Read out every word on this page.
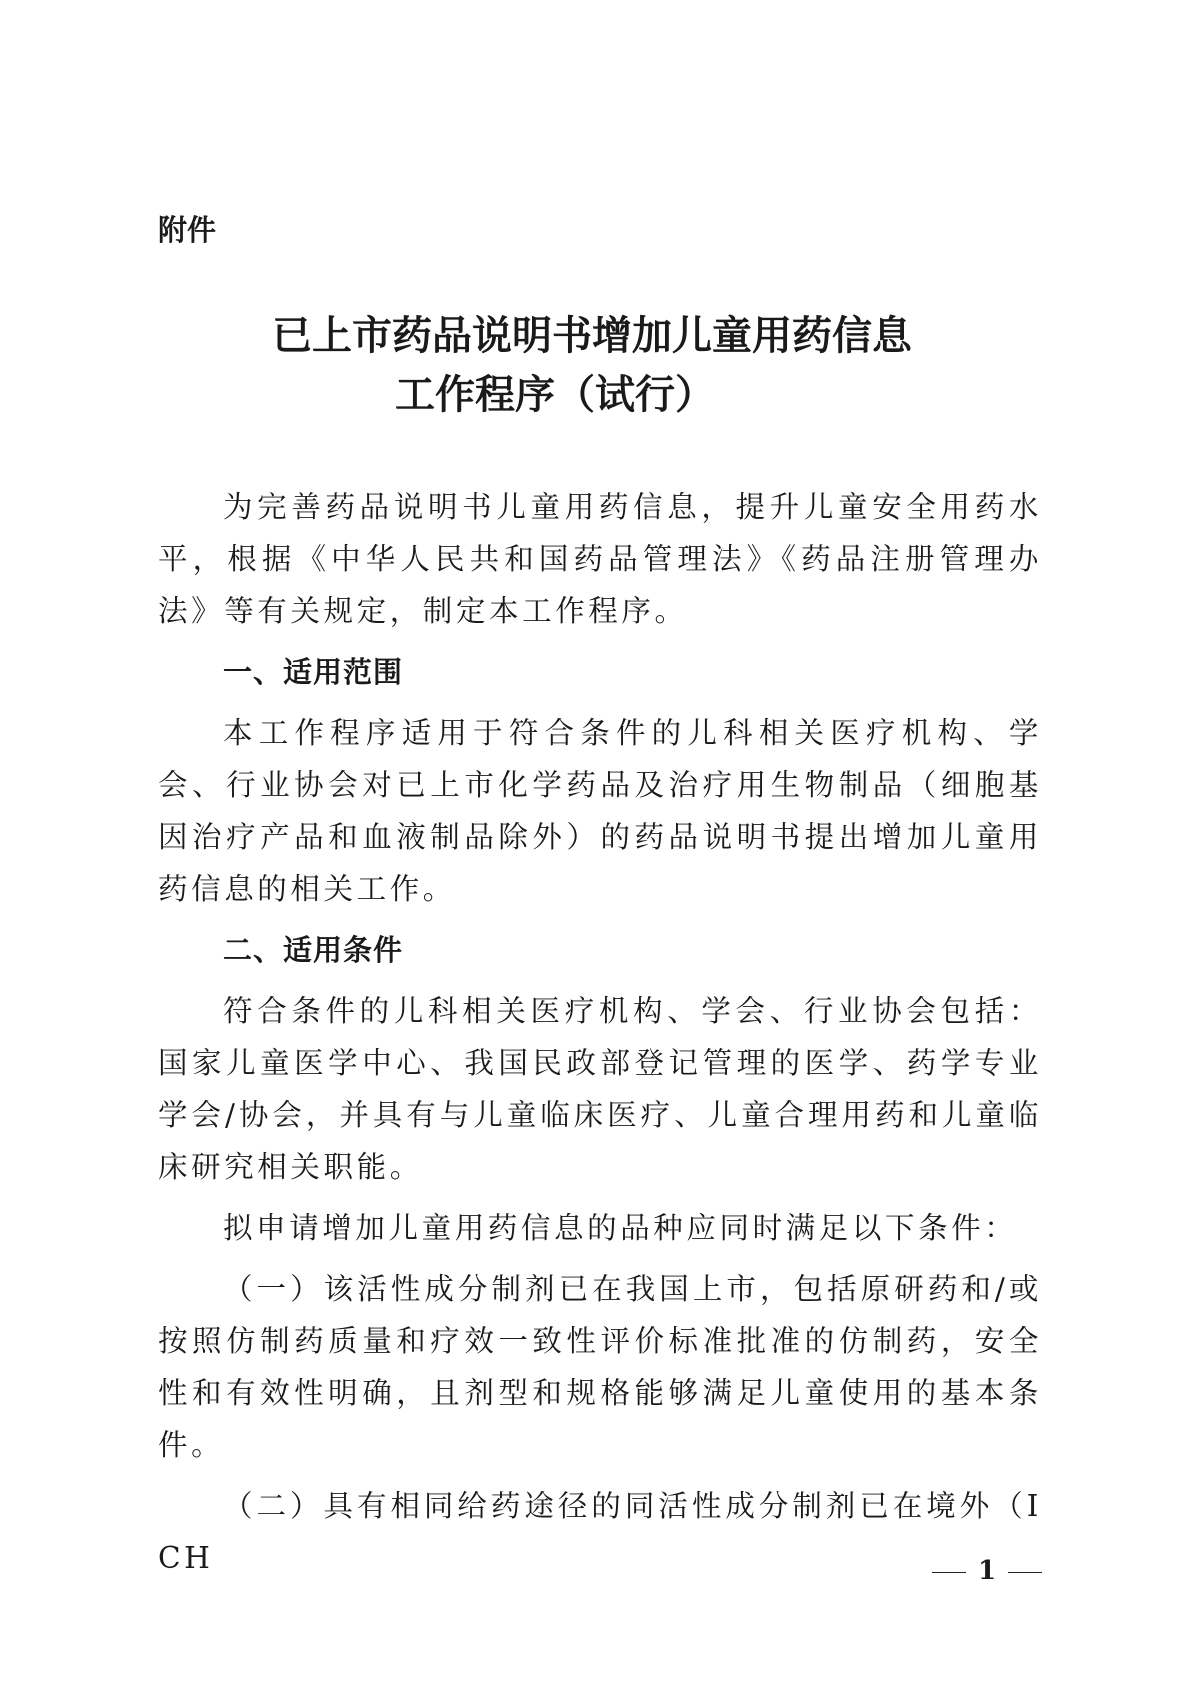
附件
已上市药品说明书增加儿童用药信息
工作程序（试行）

为完善药品说明书儿童用药信息，提升儿童安全用药水平，根据《中华人民共和国药品管理法》《药品注册管理办法》等有关规定，制定本工作程序。

一、适用范围

本工作程序适用于符合条件的儿科相关医疗机构、学会、行业协会对已上市化学药品及治疗用生物制品（细胞基因治疗产品和血液制品除外）的药品说明书提出增加儿童用药信息的相关工作。

二、适用条件

符合条件的儿科相关医疗机构、学会、行业协会包括：国家儿童医学中心、我国民政部登记管理的医学、药学专业学会/协会，并具有与儿童临床医疗、儿童合理用药和儿童临床研究相关职能。

拟申请增加儿童用药信息的品种应同时满足以下条件：

（一）该活性成分制剂已在我国上市，包括原研药和/或按照仿制药质量和疗效一致性评价标准批准的仿制药，安全性和有效性明确，且剂型和规格能够满足儿童使用的基本条件。

（二）具有相同给药途径的同活性成分制剂已在境外（ICH	1
